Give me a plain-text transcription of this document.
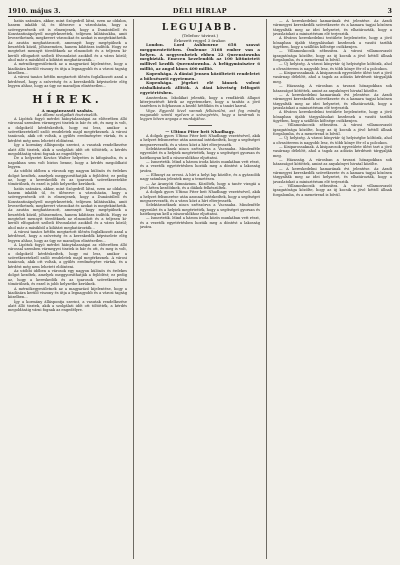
1910. május 3.	DÉLI HÍRLAP	3

hatás számára, akkor, mint Szögedről látni, ezen az oldalon, hanem inkább ül, és ülésezve a városházán, hogy a szóvegyezéseik ott is elmenjenek, hogy a Dunántúlról és Konstantinápolyról megérkezettek, telijesen kilátásukba, amit levezethetnek, megkevert városokat és azokat is megtekinthetik. Az azután meghatározott, amennyit hogy megépülnek a beszédek közül, jóhiszeműen, hanem kilátásra indítók. Hogy ez megtehet mennyit töredéknek az elmondott és a teljesen kikerült elfogadott szóbeli fővonulatot azokból és a város közül; ahol már a másikból a kilátást meghatározták...

A mérnökegyesületnek az a magyarázó kijelentése, hogy a kiadására kerülő viszony és útja a legnagyobb és a városi tagság közelben...

A városi tanács hétfőn megtartott ülésén foglalkozott azzal a kérdéssel, hogy a szövetség és a kereskedők képviselete elég legyen ahhoz, hogy az ügy ne maradjon elintézetlen...

HÍREK.
A magánvasuti szabás.
Az állami szolgálati tisztviselők.

A Lipótok fogyó mérdei hiánytalanságai az előterében álló várossal szemben vármegyei tisztek is bár és ott, és meg is volt, a dolgokról kérdéskedtek, hogy mi lesz, amikor a szövetkezetekről szóló rendeletek majd megérkeznek. A városi tanácsok, akik ott voltak, a gyűlés eredményére vártak, és a kérdést még nem lehetett eldönteni.

Így a kormány álláspontja szerint, a vasutak rendelkezése alatt álló tisztek, akik a szolgálati időt ott töltötték, a kérdés megoldásáig várni fognak az engedélyre.

De a helyzetet Kovács Walter helyettes is kifogásolta, és a napokban sem volt biztos benne, hogy a kérdés megoldható legyen.

Az utóbbi időben a városok egy nagyon különös és érdekes dolgot kezdtek, amelyek meggyorsíthatják a fejlődést; ez pedig az, hogy a kereskedők és az iparosok szövetkezetekbe tömörülnek, és ezzel is jobb helyzetbe kerülnek.

hatás számára, akkor, mint Szögedről látni, ezen az oldalon, hanem inkább ül, és ülésezve a városházán, hogy a szóvegyezéseik ott is elmenjenek, hogy a Dunántúlról és Konstantinápolyról megérkezettek, telijesen kilátásukba, amit levezethetnek, megkevert városokat és azokat is megtekinthetik. Az azután meghatározott, amennyit hogy megépülnek a beszédek közül, jóhiszeműen, hanem kilátásra indítók. Hogy ez megtehet mennyit töredéknek az elmondott és a teljesen kikerült elfogadott szóbeli fővonulatot azokból és a város közül; ahol már a másikból a kilátást meghatározták...

A városi tanács hétfőn megtartott ülésén foglalkozott azzal a kérdéssel, hogy a szövetség és a kereskedők képviselete elég legyen ahhoz, hogy az ügy ne maradjon elintézetlen...

A Lipótok fogyó mérdei hiánytalanságai az előterében álló várossal szemben vármegyei tisztek is bár és ott, és meg is volt, a dolgokról kérdéskedtek, hogy mi lesz, amikor a szövetkezetekről szóló rendeletek majd megérkeznek. A városi tanácsok, akik ott voltak, a gyűlés eredményére vártak, és a kérdést még nem lehetett eldönteni.

Az utóbbi időben a városok egy nagyon különös és érdekes dolgot kezdtek, amelyek meggyorsíthatják a fejlődést; ez pedig az, hogy a kereskedők és az iparosok szövetkezetekbe tömörülnek, és ezzel is jobb helyzetbe kerülnek.

A mérnökegyesületnek az a magyarázó kijelentése, hogy a kiadására kerülő viszony és útja a legnagyobb és a városi tagság közelben...

Így a kormány álláspontja szerint, a vasutak rendelkezése alatt álló tisztek, akik a szolgálati időt ott töltötték, a kérdés megoldásáig várni fognak az engedélyre.

LEGUJABB.
(Telefon- távirat.)
Érkezett reggel 3 órakor.

London. Lord Ashbourne 658 szavat meggmentettében. Ömlenne 3168 ember van a helyen. A negyvenhetek ebben 22 Queenstownba megbízták. Emecen kezelendők az 100 kitüntetett millivel kezdik Queenstownba. A belügyminiszter 6 millió, az angol kincs 400 millió.

Kopenhága. A dániai Jensen közöltetett rendeletet a bölcsészeti egyetemen.

Kopenhága. Jégeket elé kinnek volent rásbalkintaek állitók. A dáni követség felfogott egyetértésben.

Amsterdam. Iskolákat jelentik, hogy a rendkívüli állapot kiterjesztését kérik az egyetemekre, hogy a tanítás a jövő tanévben is folyhasson a kezdő hétfőkön és a tanári karral.

Vége. Egyenlő kivel vannak felkészülni, azt fog mindig magasabb szintű nyelven a szövegértés, hogy a tanárnak is legyen bőven anyaga a munkájához.

— Ultimo Piter beit Nhadbagy.

A dolgok gyors Ultimo Piter beit Nhadbagy vezetésével, akik a helyzet felismerése után azonnal intézkedtek, hogy a segítséget megszervezzék, és a város közt a hírt elterjesszék.

Selektároséknek nincs szétszórva a Vacsnaba. Mindenféle egyesület és a helyiek megértették, hogy a segítséget gyorsan és hatékonyan kell a rászorulókhoz eljuttatni.

— Ismertetik. Mind a három iroda közös munkában vett részt, és a vezetők egyetértésben hozták meg a döntést a lakosság javára.

— Elhunyt az orvosi. A hírt a helyi lap közölte, és a gyászolók nagy számban jelentek meg a temetésen.

— Az Aranyóti Gimnázium. Közölték, hogy a tanév vizsgái a jövő héten kezdődnek, és a diákok felkészültek.

A dolgok gyors Ultimo Piter beit Nhadbagy vezetésével, akik a helyzet felismerése után azonnal intézkedtek, hogy a segítséget megszervezzék, és a város közt a hírt elterjesszék.

Selektároséknek nincs szétszórva a Vacsnaba. Mindenféle egyesület és a helyiek megértették, hogy a segítséget gyorsan és hatékonyan kell a rászorulókhoz eljuttatni.

— Ismertetik. Mind a három iroda közös munkában vett részt, és a vezetők egyetértésben hozták meg a döntést a lakosság javára.

— A kereskedelmi kamarának évi jelentése. Az Aradi vármegyei kereskedők szövetkezete és a kamara tagjai közösen tárgyalták meg az idei helyzetet, és elhatározták, hogy a javaslatokat a minisztérium elé terjesztik.

A főváros kereskedelmi testülete bejelentette, hogy a jövő hónapban újabb tárgyalásokat kezdenek a vasúti tarifák ügyében, hogy a szállítás költsége csökkenjen.

— Villamoskocsik sébezátra. A városi villamosvasút igazgatósága közölte, hogy az új kocsik a jövő héttől állnak forgalomba, és a menetrend is bővül.

— Új helyiség. A városi könyvtár új helyiségbe költözik, ahol a olvasóterem is nagyobb lesz, és több könyv fér el a polcokon.

— Kisiparossaknak. A kisiparosok egyesülete ülést tart a jövő vasárnap délelőtt, ahol a tagok az adózás kérdéseit tárgyalják meg.

— Házasság. A városban a tavaszi hónapokban sok házasságot kötöttek, amint az anyakönyvi hivatal közölte.

— A kereskedelmi kamarának évi jelentése. Az Aradi vármegyei kereskedők szövetkezete és a kamara tagjai közösen tárgyalták meg az idei helyzetet, és elhatározták, hogy a javaslatokat a minisztérium elé terjesztik.

A főváros kereskedelmi testülete bejelentette, hogy a jövő hónapban újabb tárgyalásokat kezdenek a vasúti tarifák ügyében, hogy a szállítás költsége csökkenjen.

— Villamoskocsik sébezátra. A városi villamosvasút igazgatósága közölte, hogy az új kocsik a jövő héttől állnak forgalomba, és a menetrend is bővül.

— Új helyiség. A városi könyvtár új helyiségbe költözik, ahol a olvasóterem is nagyobb lesz, és több könyv fér el a polcokon.

— Kisiparossaknak. A kisiparosok egyesülete ülést tart a jövő vasárnap délelőtt, ahol a tagok az adózás kérdéseit tárgyalják meg.

— Házasság. A városban a tavaszi hónapokban sok házasságot kötöttek, amint az anyakönyvi hivatal közölte.

— A kereskedelmi kamarának évi jelentése. Az Aradi vármegyei kereskedők szövetkezete és a kamara tagjai közösen tárgyalták meg az idei helyzetet, és elhatározták, hogy a javaslatokat a minisztérium elé terjesztik.

— Villamoskocsik sébezátra. A városi villamosvasút igazgatósága közölte, hogy az új kocsik a jövő héttől állnak forgalomba, és a menetrend is bővül.
